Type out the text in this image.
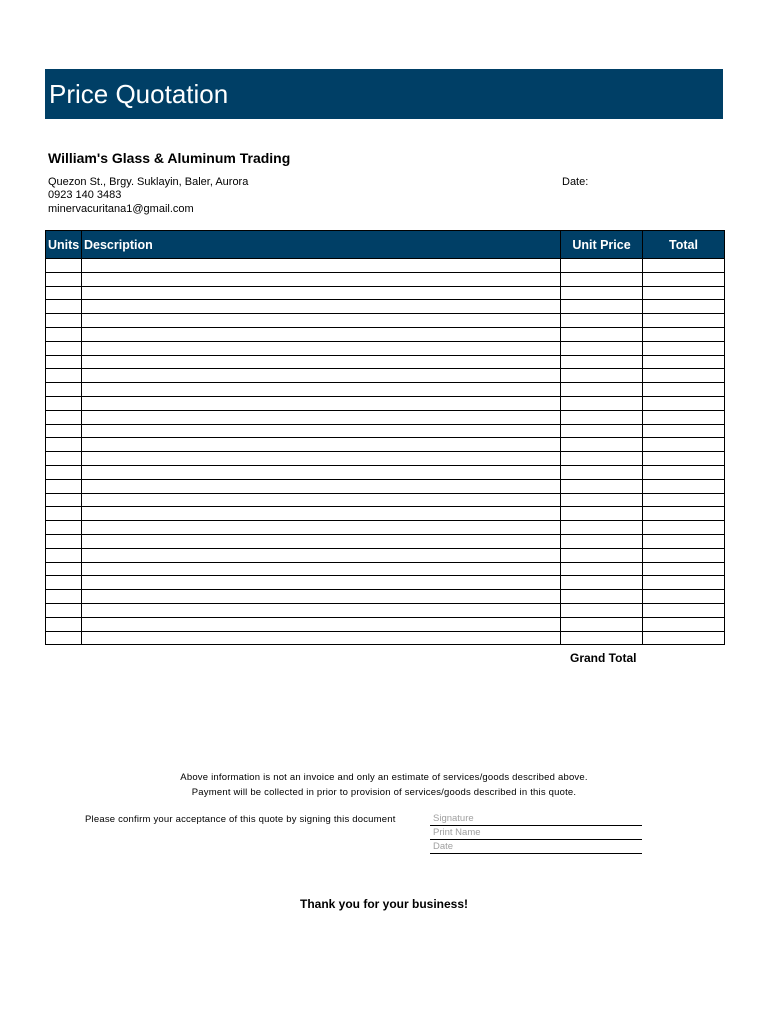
Price Quotation
William's Glass & Aluminum Trading
Quezon St., Brgy. Suklayin, Baler, Aurora
0923 140 3483
minervacuritana1@gmail.com
Date:
Units	Description	Unit Price	Total

Grand Total
Above information is not an invoice and only an estimate of services/goods described above.
Payment will be collected in prior to provision of services/goods described in this quote.
Please confirm your acceptance of this quote by signing this document	Signature
Print Name
Date
Thank you for your business!
